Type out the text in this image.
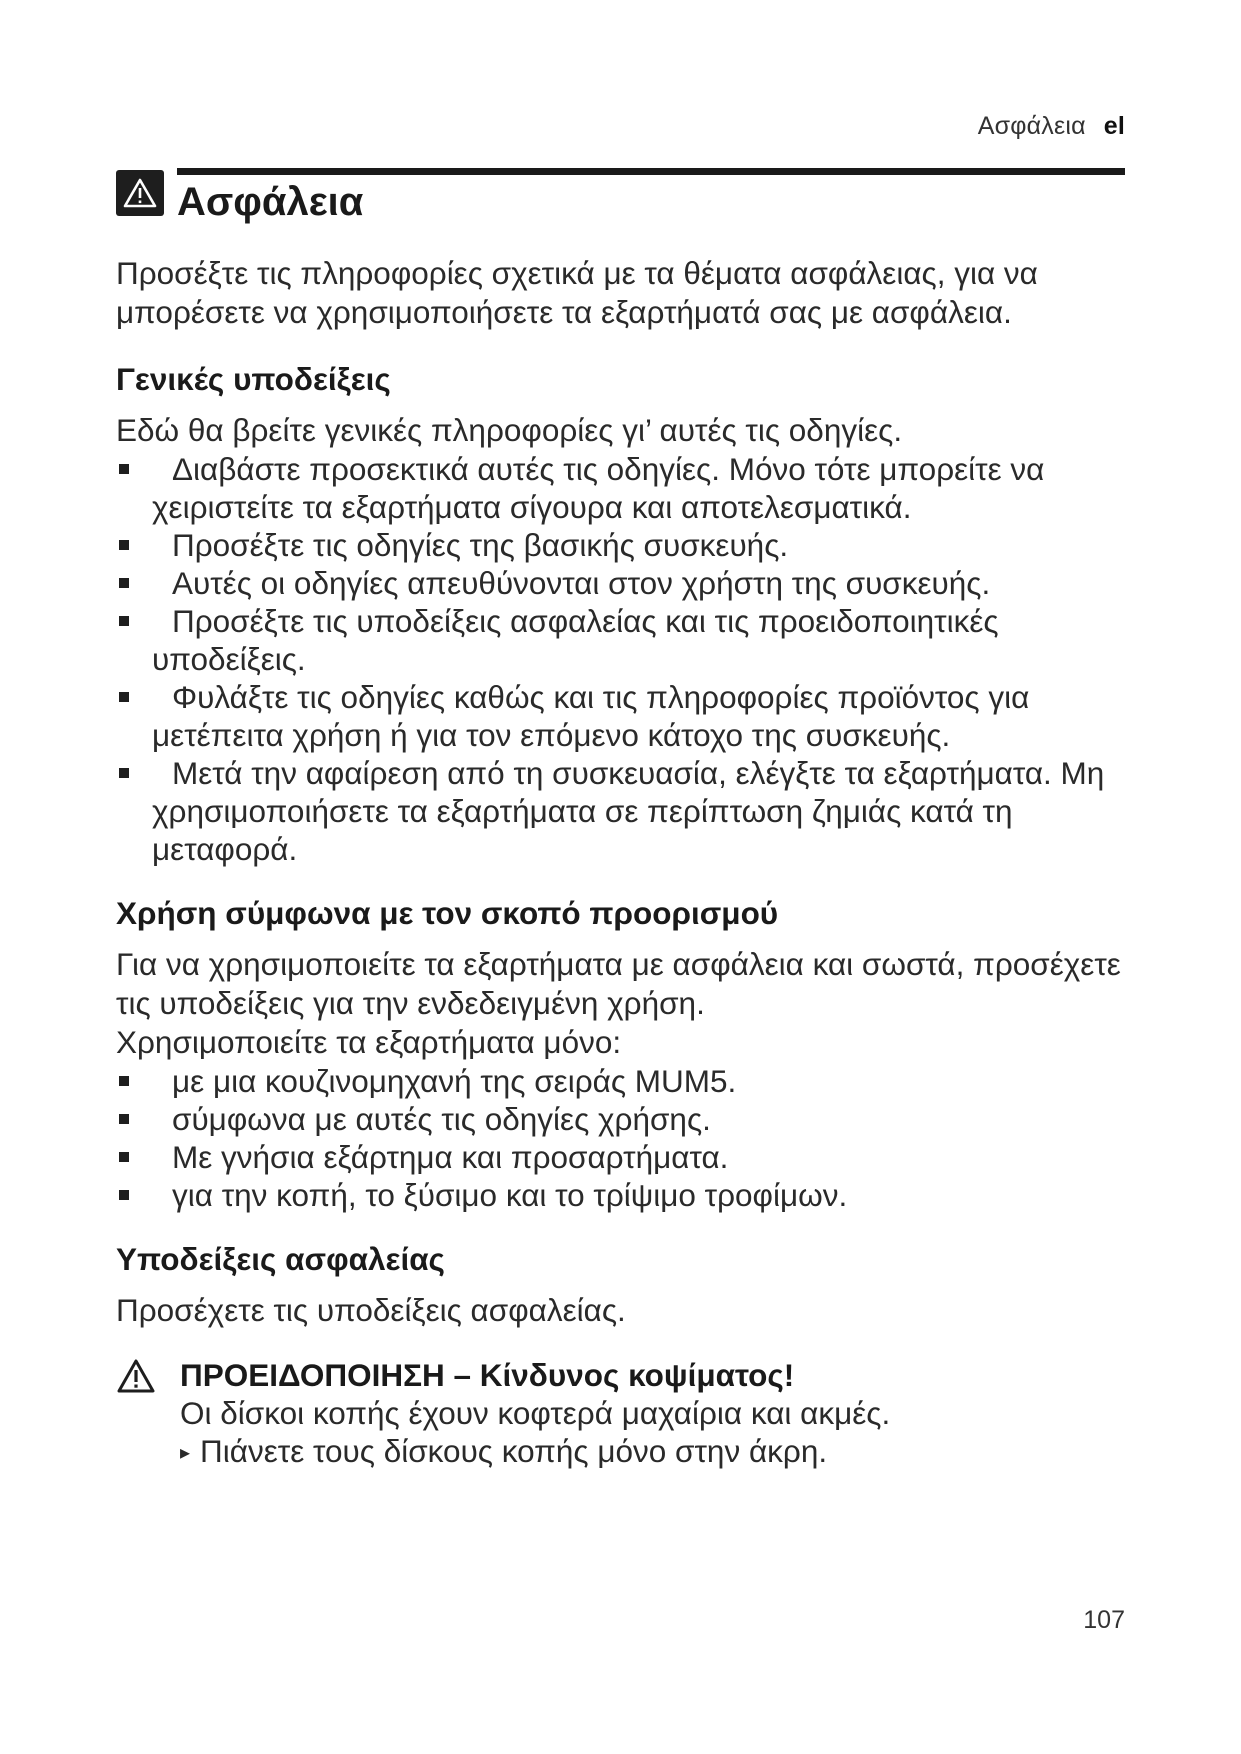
Ασφάλεια el
Ασφάλεια

Προσέξτε τις πληροφορίες σχετικά με τα θέματα ασφάλειας, για να μπορέσετε να χρησιμοποιήσετε τα εξαρτήματά σας με ασφάλεια.

Γενικές υποδείξεις

Εδώ θα βρείτε γενικές πληροφορίες γι’ αυτές τις οδηγίες.

Διαβάστε προσεκτικά αυτές τις οδηγίες. Μόνο τότε μπορείτε να χειριστείτε τα εξαρτήματα σίγουρα και αποτελεσματικά.
Προσέξτε τις οδηγίες της βασικής συσκευής.
Αυτές οι οδηγίες απευθύνονται στον χρήστη της συσκευής.
Προσέξτε τις υποδείξεις ασφαλείας και τις προειδοποιητικές υποδείξεις.
Φυλάξτε τις οδηγίες καθώς και τις πληροφορίες προϊόντος για μετέπειτα χρήση ή για τον επόμενο κάτοχο της συσκευής.
Μετά την αφαίρεση από τη συσκευασία, ελέγξτε τα εξαρτήματα. Μη χρησιμοποιήσετε τα εξαρτήματα σε περίπτωση ζημιάς κατά τη μεταφορά.
Χρήση σύμφωνα με τον σκοπό προορισμού

Για να χρησιμοποιείτε τα εξαρτήματα με ασφάλεια και σωστά, προσέχετε τις υποδείξεις για την ενδεδειγμένη χρήση.

Χρησιμοποιείτε τα εξαρτήματα μόνο:

με μια κουζινομηχανή της σειράς MUM5.
σύμφωνα με αυτές τις οδηγίες χρήσης.
Με γνήσια εξάρτημα και προσαρτήματα.
για την κοπή, το ξύσιμο και το τρίψιμο τροφίμων.
Υποδείξεις ασφαλείας

Προσέχετε τις υποδείξεις ασφαλείας.

ΠΡΟΕΙΔΟΠΟΙΗΣΗ – Κίνδυνος κοψίματος!
Οι δίσκοι κοπής έχουν κοφτερά μαχαίρια και ακμές.
▸ Πιάνετε τους δίσκους κοπής μόνο στην άκρη.
107
